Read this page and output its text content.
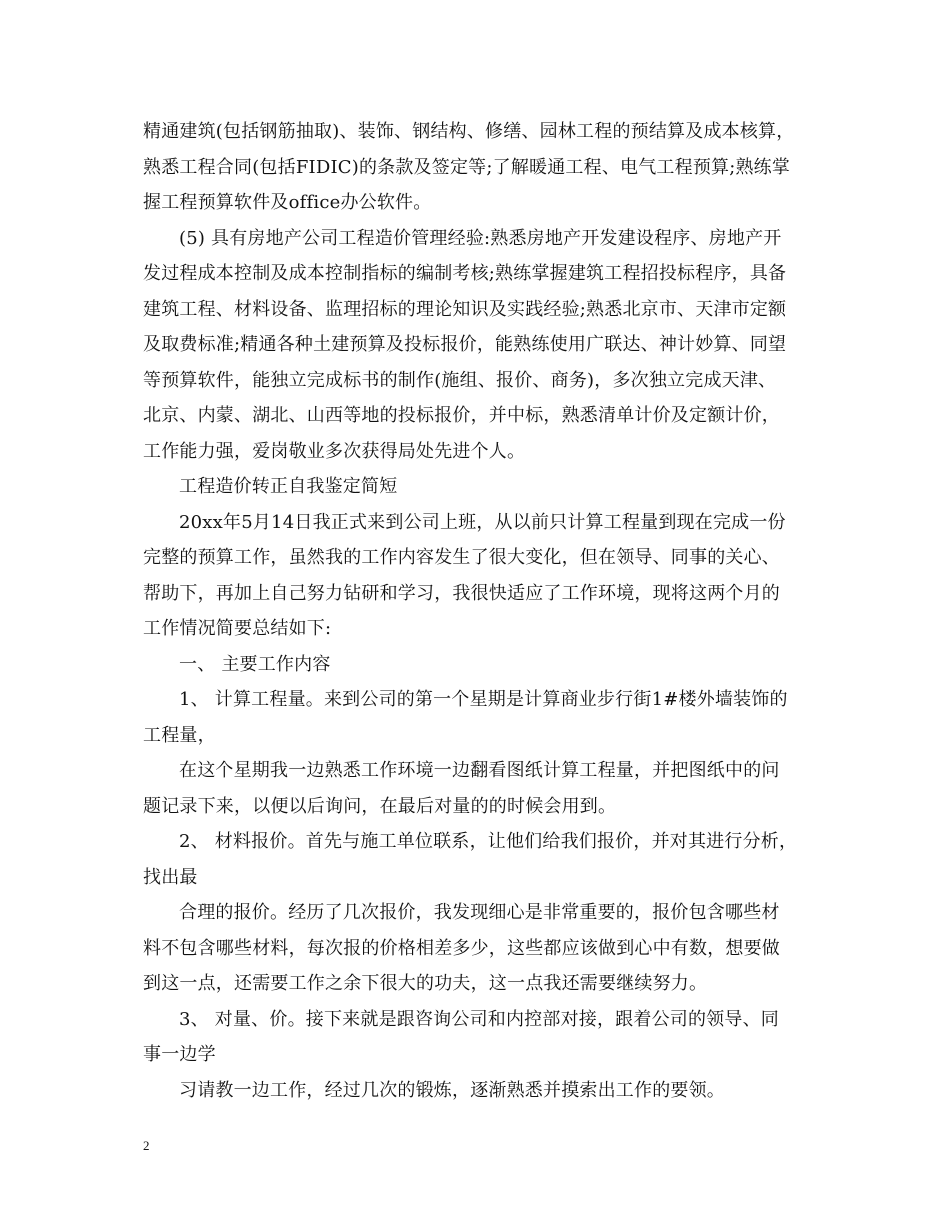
精通建筑(包括钢筋抽取)、装饰、钢结构、修缮、园林工程的预结算及成本核算，
熟悉工程合同(包括FIDIC)的条款及签定等;了解暖通工程、电气工程预算;熟练掌
握工程预算软件及office办公软件。
(5) 具有房地产公司工程造价管理经验:熟悉房地产开发建设程序、房地产开
发过程成本控制及成本控制指标的编制考核;熟练掌握建筑工程招投标程序，具备
建筑工程、材料设备、监理招标的理论知识及实践经验;熟悉北京市、天津市定额
及取费标准;精通各种土建预算及投标报价，能熟练使用广联达、神计妙算、同望
等预算软件，能独立完成标书的制作(施组、报价、商务)，多次独立完成天津、
北京、内蒙、湖北、山西等地的投标报价，并中标，熟悉清单计价及定额计价，
工作能力强，爱岗敬业多次获得局处先进个人。
工程造价转正自我鉴定简短
20xx年5月14日我正式来到公司上班，从以前只计算工程量到现在完成一份
完整的预算工作，虽然我的工作内容发生了很大变化，但在领导、同事的关心、
帮助下，再加上自己努力钻研和学习，我很快适应了工作环境，现将这两个月的
工作情况简要总结如下:
一、 主要工作内容
1、 计算工程量。来到公司的第一个星期是计算商业步行街1#楼外墙装饰的
工程量，
在这个星期我一边熟悉工作环境一边翻看图纸计算工程量，并把图纸中的问
题记录下来，以便以后询问，在最后对量的的时候会用到。
2、 材料报价。首先与施工单位联系，让他们给我们报价，并对其进行分析，
找出最
合理的报价。经历了几次报价，我发现细心是非常重要的，报价包含哪些材
料不包含哪些材料，每次报的价格相差多少，这些都应该做到心中有数，想要做
到这一点，还需要工作之余下很大的功夫，这一点我还需要继续努力。
3、 对量、价。接下来就是跟咨询公司和内控部对接，跟着公司的领导、同
事一边学
习请教一边工作，经过几次的锻炼，逐渐熟悉并摸索出工作的要领。
2
